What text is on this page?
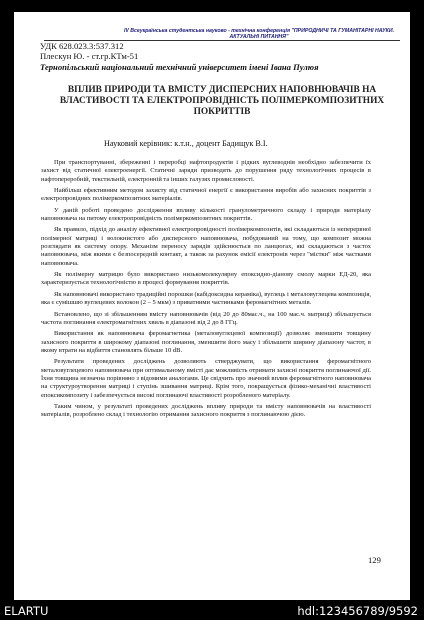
IV Всеукраїнська студентська науково - технічна конференція "ПРИРОДНИЧІ ТА ГУМАНІТАРНІ НАУКИ. АКТУАЛЬНІ ПИТАННЯ"
УДК 628.023.3:537.312
Плескун Ю. - ст.гр.КТм-51
Тернопільський національний технічний університет імені Івана Пулюя
ВПЛИВ ПРИРОДИ ТА ВМІСТУ ДИСПЕРСНИХ НАПОВНЮВАЧІВ НА ВЛАСТИВОСТІ ТА ЕЛЕКТРОПРОВІДНІСТЬ ПОЛІМЕРКОМПОЗИТНИХ ПОКРИТТІВ
Науковий керівник: к.т.н., доцент Бадищук В.І.

При транспортуванні, збереженні і переробці нафтопродуктів і рідких вуглеводнів необхідно забезпечити їх захист від статичної електроенергії. Статичні заряди призводять до порушення ряду технологічних процесів в нафтопереробній, текстильній, електронній та інших галузях промисловості.

Найбільш ефективним методом захисту від статичної енергії є використання виробів або захисних покриттів з електропровідних полімеркомпозитних матеріалів.

У даній роботі проведено дослідження впливу кількості гранулометричного складу і природи матеріалу наповнювача на питому електропровідність полімеркомпозитних покриттів.

Як правило, підхід до аналізу ефективної електропровідності полімеркомпозитів, які складаються із неперервної полімерної матриці і волокнистого або дисперсного наповнювача, побудований на тому, що композит можна розглядати як систему опору. Механізм переносу зарядів здійснюється по ланцюгах, які складаються з частох наповнювача, між якими є безпосередній контакт, а також за рахунок емісії електронів через "містки" між частками наповнювача.

Як полімерну матрицю було використано низькомолекулярну епоксидно-діанову смолу марки ЕД-20, яка характеризується технологічністю в процесі формування покриттів.

Як наповнювачі використано традиційні порошки (кабідоксидна кераміка), вуглець і металовуглецева композиція, яка є сумішшю вуглецевих волокон (2 – 5 мкм) з приватними частинками феромагнітних металів.

Встановлено, що зі збільшенням вмісту наповнювачів (від 20 до 80мас.ч., на 100 мас.ч. матриці) збільшується частота поглинання електромагнітних хвиль в діапазоні від 2 до 8 ГГц.

Використання як наповнювача феромагнетика (металовуглецевої композиції) дозволяє зменшити товщину захисного покриття в широкому діапазоні поглинання, зменшити його масу і збільшити ширину діапазону частот, в якому втрати на відбиття становлять більше 10 dB.

Результати проведених досліджень дозволяють стверджувати, що використання феромагнітного металовуглецевого наповнювача при оптимальному вмісті дає можливість отримати захисні покриття поглинаючої дії. Їхня товщина незначна порівняно з відомими аналогами. Це свідчить про значний вплив феромагнітного наповнювача на структуроутворення матриці і ступінь зшивання матриці. Крім того, покращується фізико-механічні властивості епоксикомпозиту і забезпечується високі поглинаючі властивості розробленого матеріалу.

Таким чином, у результаті проведених досліджень впливу природи та вмісту наповнювачів на властивості матеріалів, розроблено склад і технологію отримання захисного покриття з поглинаючою дією.

129
ELARTU	hdl:123456789/9592
